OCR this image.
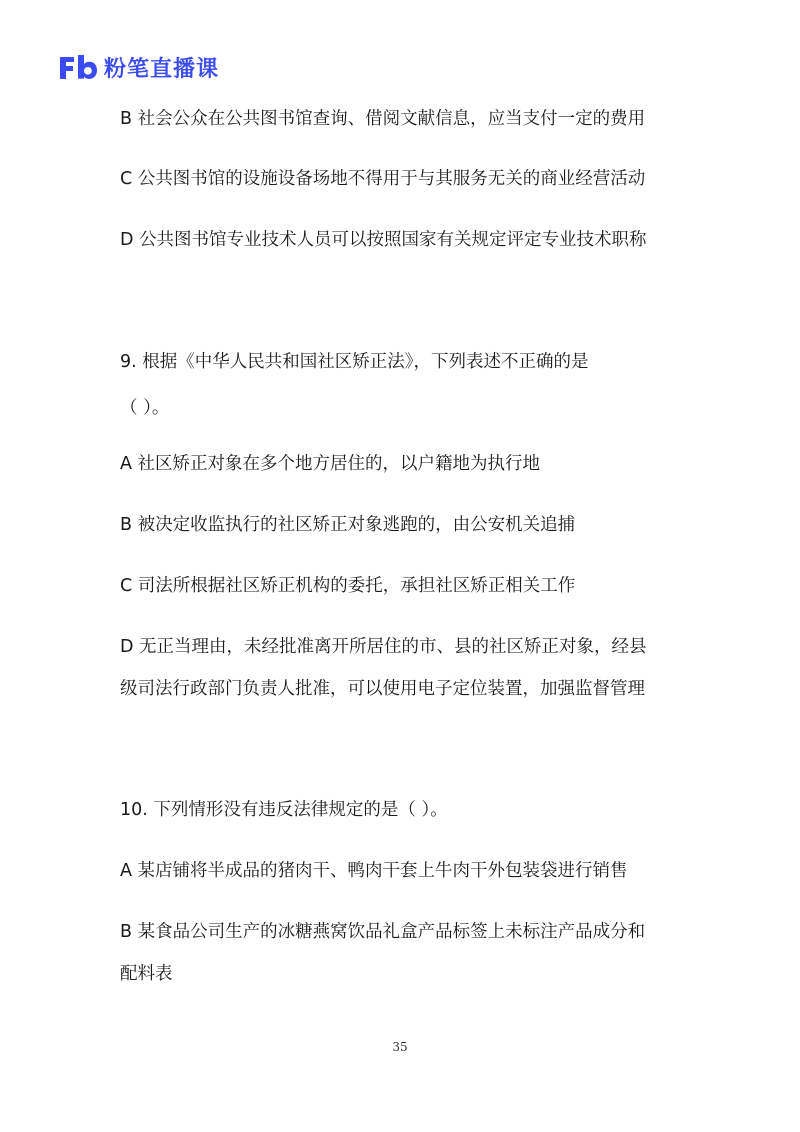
粉笔直播课
B 社会公众在公共图书馆查询、借阅文献信息，应当支付一定的费用
C 公共图书馆的设施设备场地不得用于与其服务无关的商业经营活动
D 公共图书馆专业技术人员可以按照国家有关规定评定专业技术职称
9. 根据《中华人民共和国社区矫正法》，下列表述不正确的是
（ ）。
A 社区矫正对象在多个地方居住的，以户籍地为执行地
B 被决定收监执行的社区矫正对象逃跑的，由公安机关追捕
C 司法所根据社区矫正机构的委托，承担社区矫正相关工作
D 无正当理由，未经批准离开所居住的市、县的社区矫正对象，经县
级司法行政部门负责人批准，可以使用电子定位装置，加强监督管理
10. 下列情形没有违反法律规定的是（ ）。
A 某店铺将半成品的猪肉干、鸭肉干套上牛肉干外包装袋进行销售
B 某食品公司生产的冰糖燕窝饮品礼盒产品标签上未标注产品成分和
配料表
35
